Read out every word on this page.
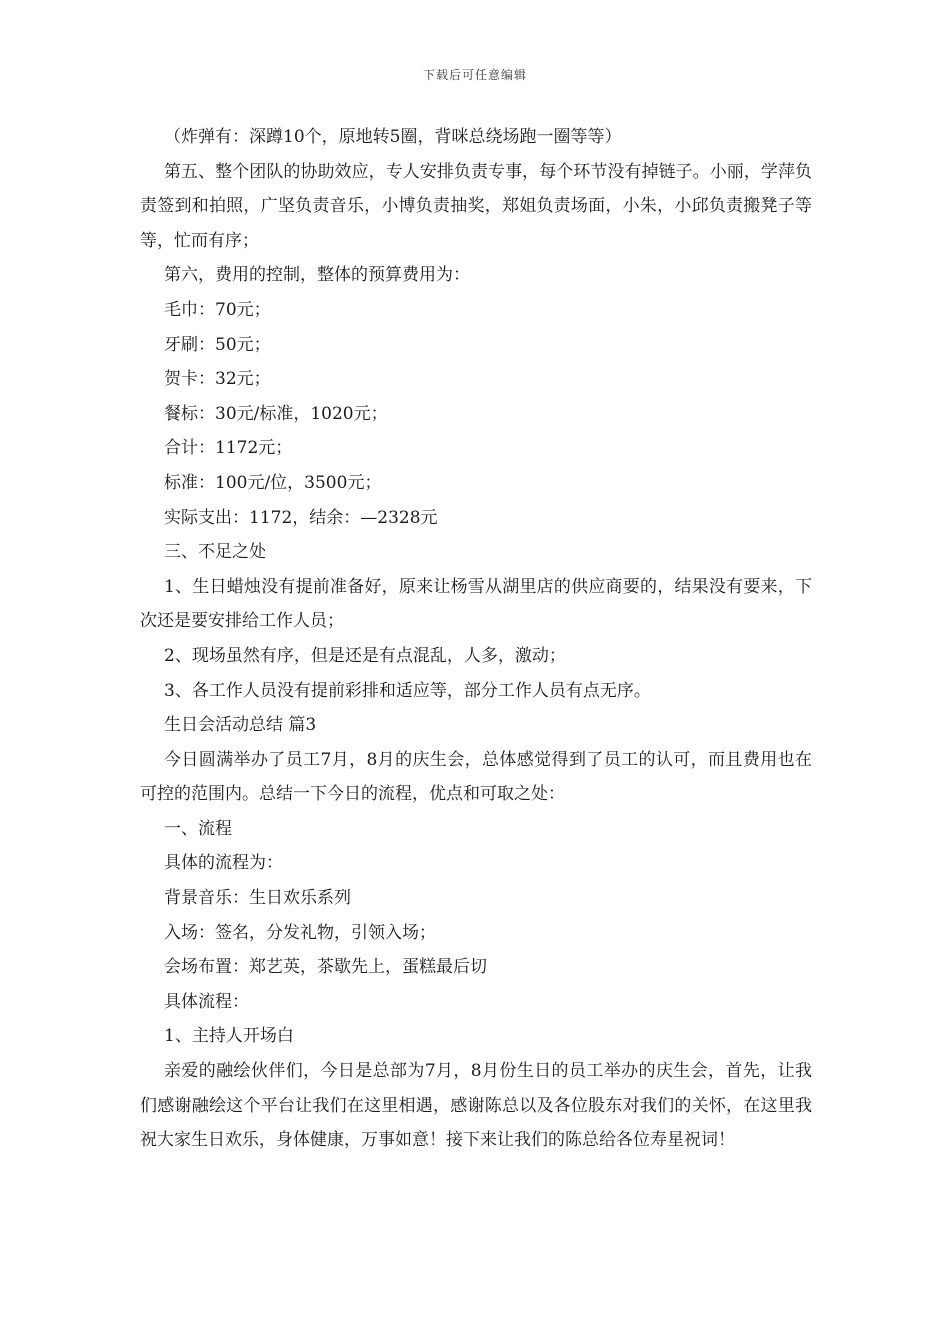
下载后可任意编辑

（炸弹有：深蹲10个，原地转5圈，背咪总绕场跑一圈等等）

第五、整个团队的协助效应，专人安排负责专事，每个环节没有掉链子。小丽，学萍负责签到和拍照，广坚负责音乐，小博负责抽奖，郑姐负责场面，小朱，小邱负责搬凳子等等，忙而有序；

第六，费用的控制，整体的预算费用为：

毛巾：70元；

牙刷：50元；

贺卡：32元；

餐标：30元/标准，1020元；

合计：1172元；

标准：100元/位，3500元；

实际支出：1172，结余：—2328元

三、不足之处

1、生日蜡烛没有提前准备好，原来让杨雪从湖里店的供应商要的，结果没有要来，下次还是要安排给工作人员；

2、现场虽然有序，但是还是有点混乱，人多，激动；

3、各工作人员没有提前彩排和适应等，部分工作人员有点无序。

生日会活动总结 篇3

今日圆满举办了员工7月，8月的庆生会，总体感觉得到了员工的认可，而且费用也在可控的范围内。总结一下今日的流程，优点和可取之处：

一、流程

具体的流程为：

背景音乐：生日欢乐系列

入场：签名，分发礼物，引领入场；

会场布置：郑艺英，茶歇先上，蛋糕最后切

具体流程：

1、主持人开场白

亲爱的融绘伙伴们，今日是总部为7月，8月份生日的员工举办的庆生会，首先，让我们感谢融绘这个平台让我们在这里相遇，感谢陈总以及各位股东对我们的关怀，在这里我祝大家生日欢乐，身体健康，万事如意！接下来让我们的陈总给各位寿星祝词！
